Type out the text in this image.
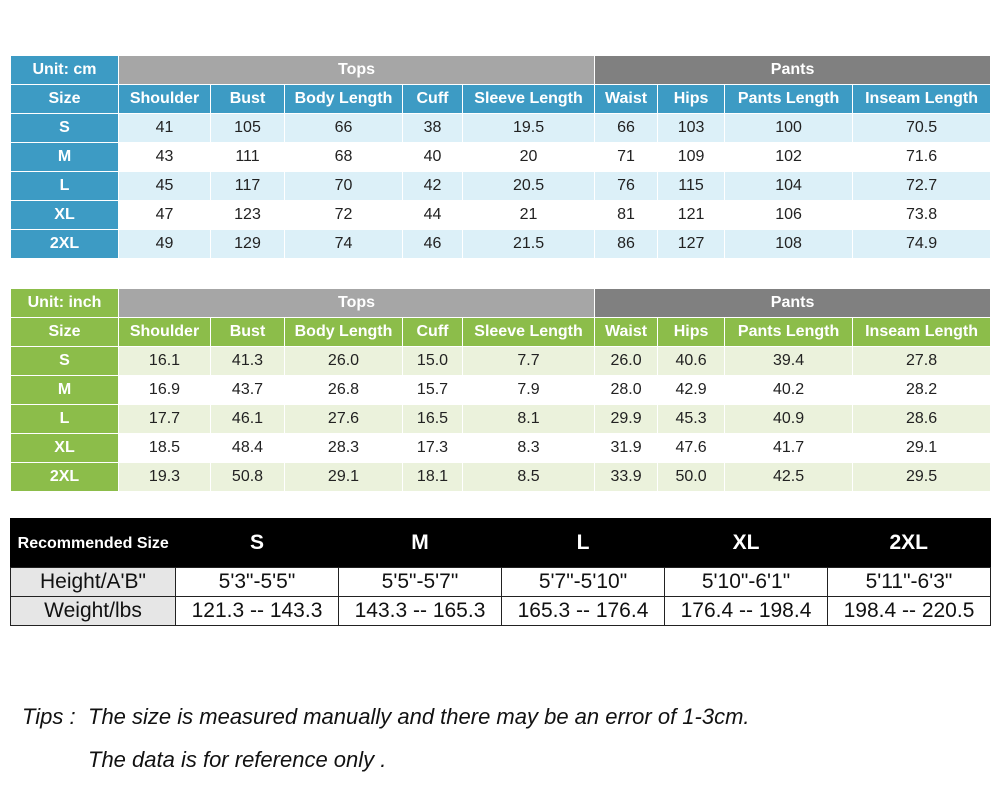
Unit: cm	Tops					Pants			
Size	Shoulder	Bust	Body Length	Cuff	Sleeve Length	Waist	Hips	Pants Length	Inseam Length
S	41	105	66	38	19.5	66	103	100	70.5
M	43	111	68	40	20	71	109	102	71.6
L	45	117	70	42	20.5	76	115	104	72.7
XL	47	123	72	44	21	81	121	106	73.8
2XL	49	129	74	46	21.5	86	127	108	74.9
Unit: inch	Tops					Pants			
Size	Shoulder	Bust	Body Length	Cuff	Sleeve Length	Waist	Hips	Pants Length	Inseam Length
S	16.1	41.3	26.0	15.0	7.7	26.0	40.6	39.4	27.8
M	16.9	43.7	26.8	15.7	7.9	28.0	42.9	40.2	28.2
L	17.7	46.1	27.6	16.5	8.1	29.9	45.3	40.9	28.6
XL	18.5	48.4	28.3	17.3	8.3	31.9	47.6	41.7	29.1
2XL	19.3	50.8	29.1	18.1	8.5	33.9	50.0	42.5	29.5
Recommended Size	S	M	L	XL	2XL
Height/A'B"	5'3"-5'5"	5'5"-5'7"	5'7"-5'10"	5'10"-6'1"	5'11"-6'3"
Weight/lbs	121.3 -- 143.3	143.3 -- 165.3	165.3 -- 176.4	176.4 -- 198.4	198.4 -- 220.5
Tips : The size is measured manually and there may be an error of 1-3cm.
The data is for reference only .
